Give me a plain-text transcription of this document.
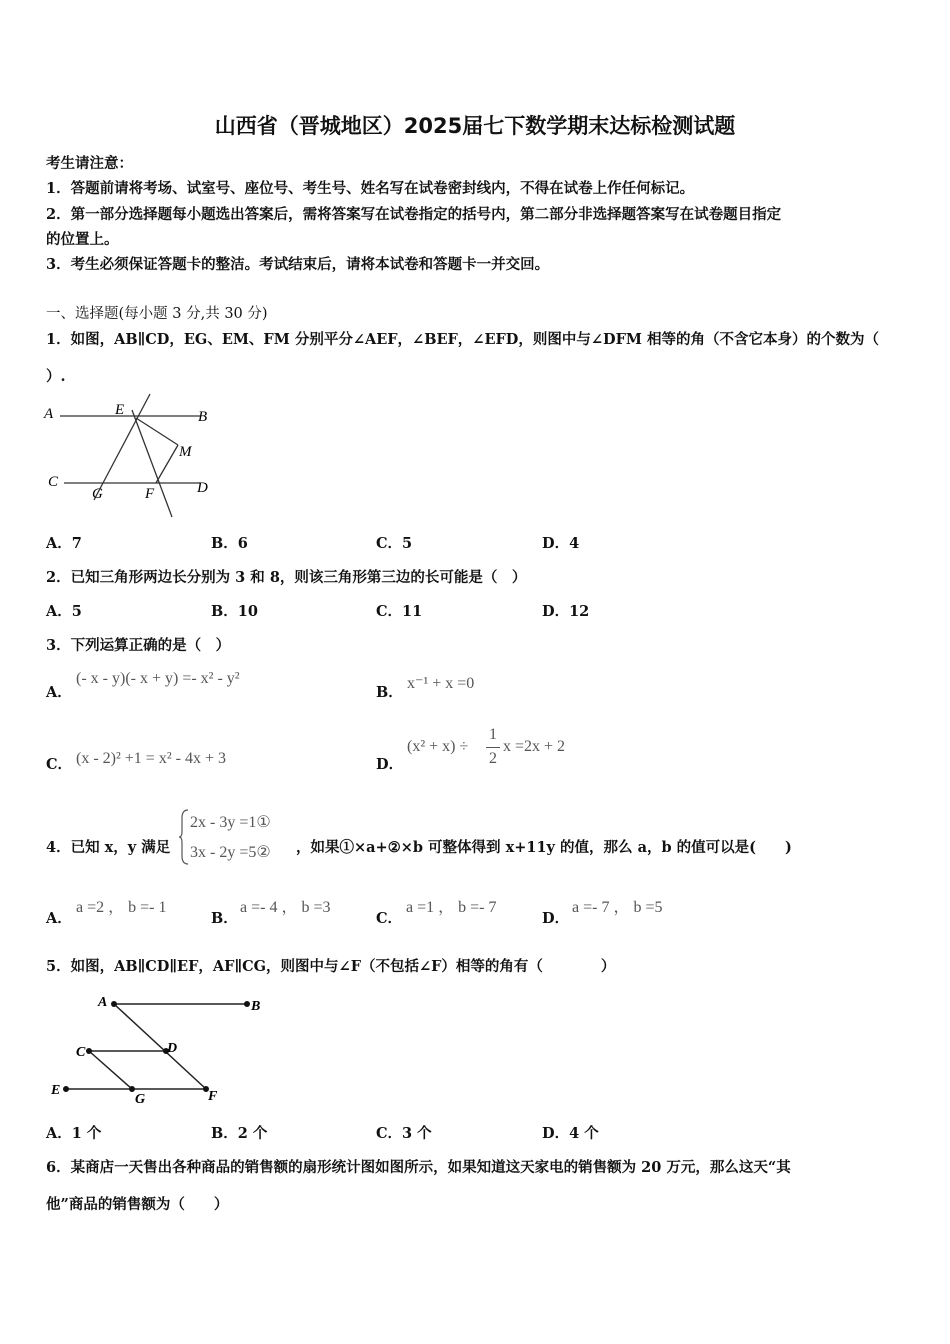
山西省（晋城地区）2025届七下数学期末达标检测试题
考生请注意：
1．答题前请将考场、试室号、座位号、考生号、姓名写在试卷密封线内，不得在试卷上作任何标记。
2．第一部分选择题每小题选出答案后，需将答案写在试卷指定的括号内，第二部分非选择题答案写在试卷题目指定
的位置上。
3．考生必须保证答题卡的整洁。考试结束后，请将本试卷和答题卡一并交回。
一、选择题(每小题 3 分,共 30 分)
1．如图，AB∥CD，EG、EM、FM 分别平分∠AEF，∠BEF，∠EFD，则图中与∠DFM 相等的角（不含它本身）的个数为（
）.
A	E	B
M
C
G	F	D
A．7	B．6	C．5	D．4
2．已知三角形两边长分别为 3 和 8，则该三角形第三边的长可能是（　）
A．5	B．10	C．11	D．12
3．下列运算正确的是（　）
A．
(- x - y)(- x + y) =- x² - y²
B．
x⁻¹ + x =0
C． (x - 2)² +1 = x² - 4x + 3	D．
(x² + x) ÷
1
2
x =2x + 2
4．已知 x，y 满足
2x - 3y =1①
3x - 2y =5② ，如果①×a+②×b 可整体得到 x+11y 的值，那么 a，b 的值可以是(　　)
A．
a =2 ， b =- 1
B．
a =- 4 ， b =3
C．
a =1 ， b =- 7
D．
a =- 7 ， b =5
5．如图，AB∥CD∥EF，AF∥CG，则图中与∠F（不包括∠F）相等的角有（　　　　）
A	B
C	D
E
G	F
A．1 个	B．2 个	C．3 个	D．4 个
6．某商店一天售出各种商品的销售额的扇形统计图如图所示，如果知道这天家电的销售额为 20 万元，那么这天“其
他”商品的销售额为（　　）
